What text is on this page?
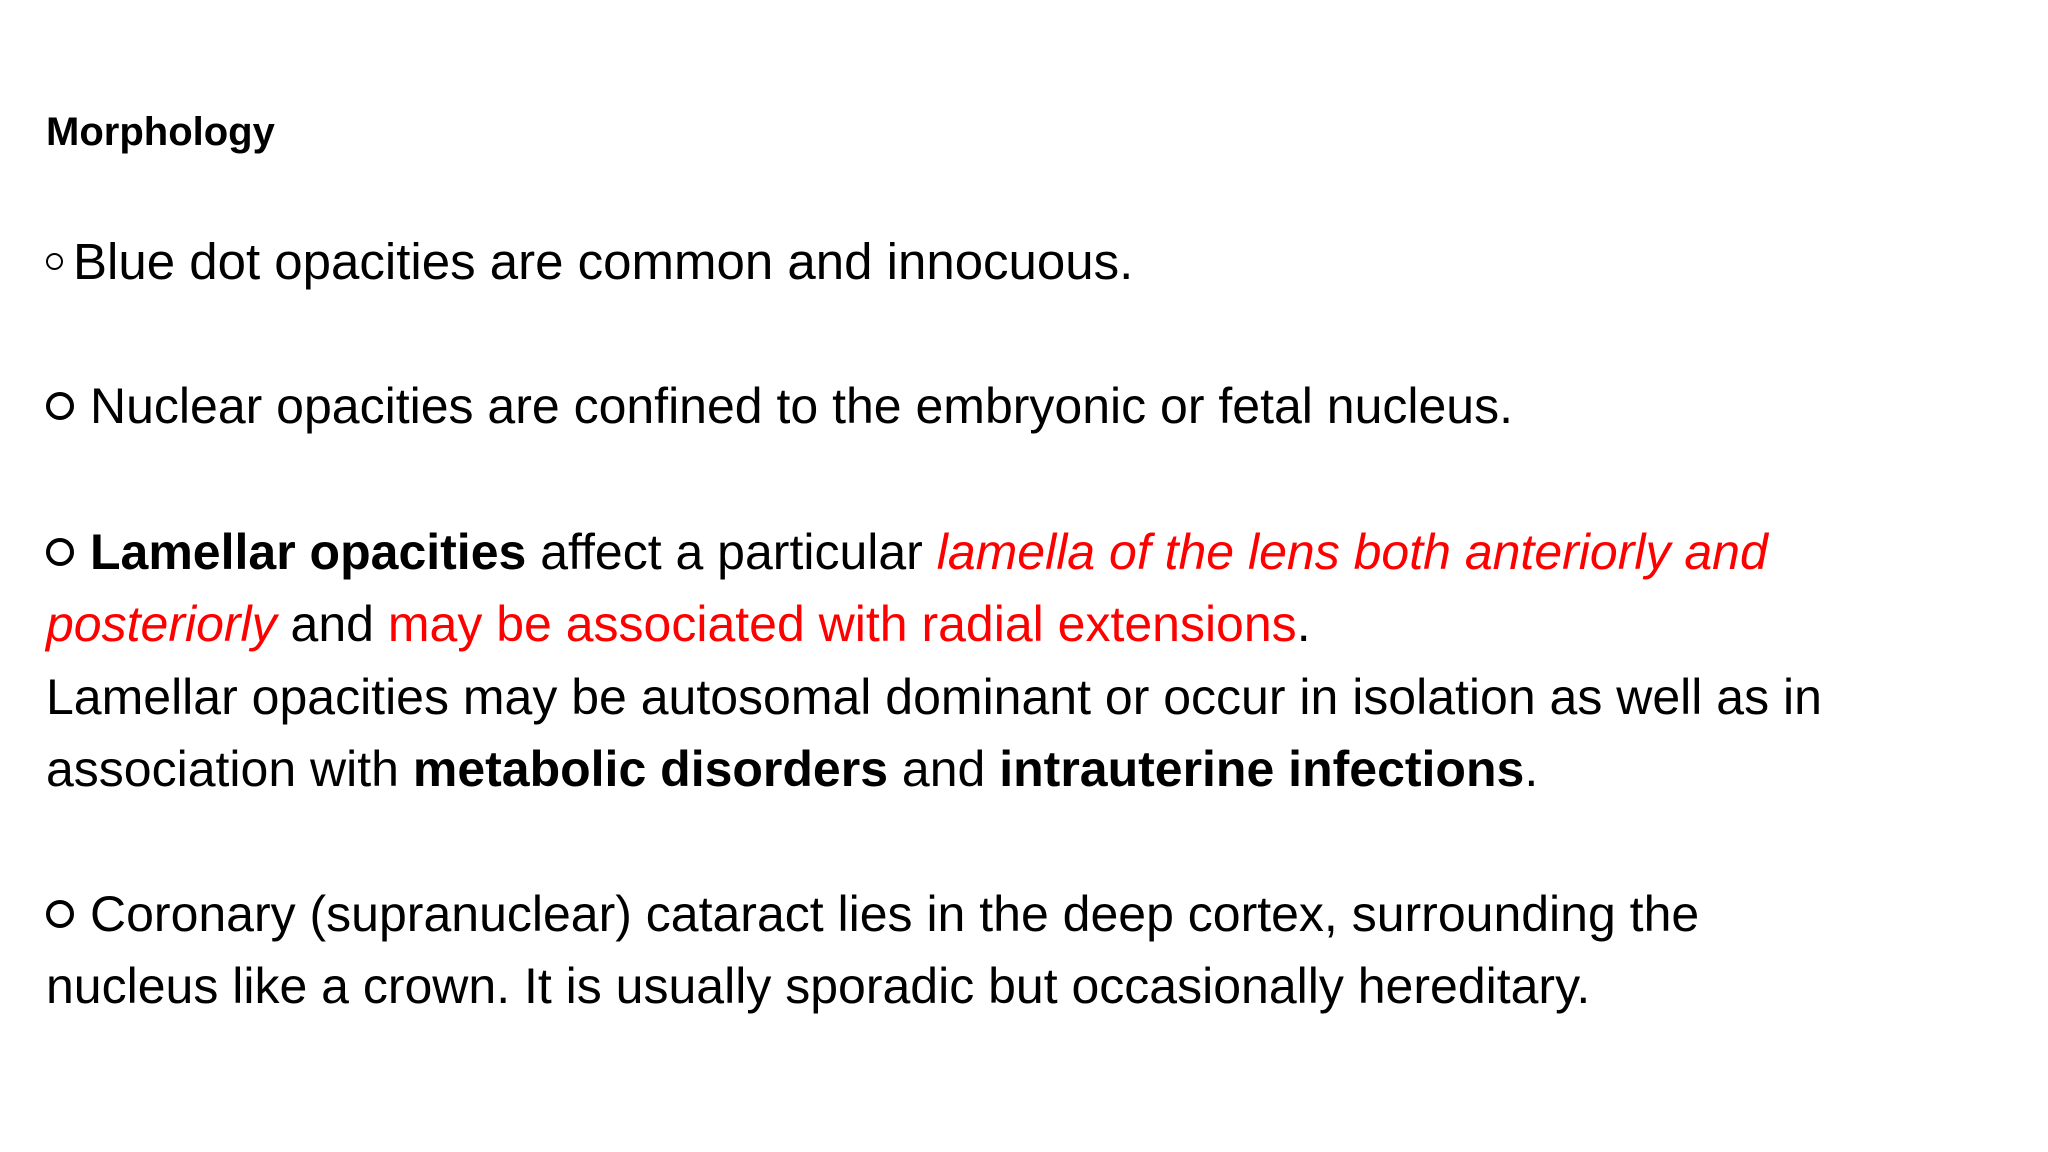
Morphology

Blue dot opacities are common and innocuous.

Nuclear opacities are confined to the embryonic or fetal nucleus.

Lamellar opacities affect a particular lamella of the lens both anteriorly and

posteriorly and may be associated with radial extensions.

Lamellar opacities may be autosomal dominant or occur in isolation as well as in

association with metabolic disorders and intrauterine infections.

Coronary (supranuclear) cataract lies in the deep cortex, surrounding the

nucleus like a crown. It is usually sporadic but occasionally hereditary.
